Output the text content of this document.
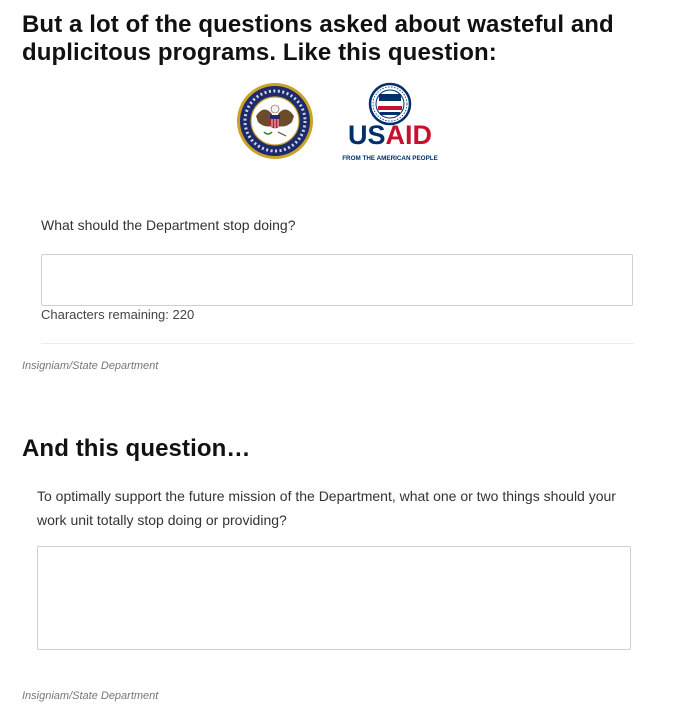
But a lot of the questions asked about wasteful and duplicitous programs. Like this question:
USAID
FROM THE AMERICAN PEOPLE
What should the Department stop doing?
Characters remaining: 220
Insigniam/State Department
And this question…
To optimally support the future mission of the Department, what one or two things should your work unit totally stop doing or providing?
Insigniam/State Department
